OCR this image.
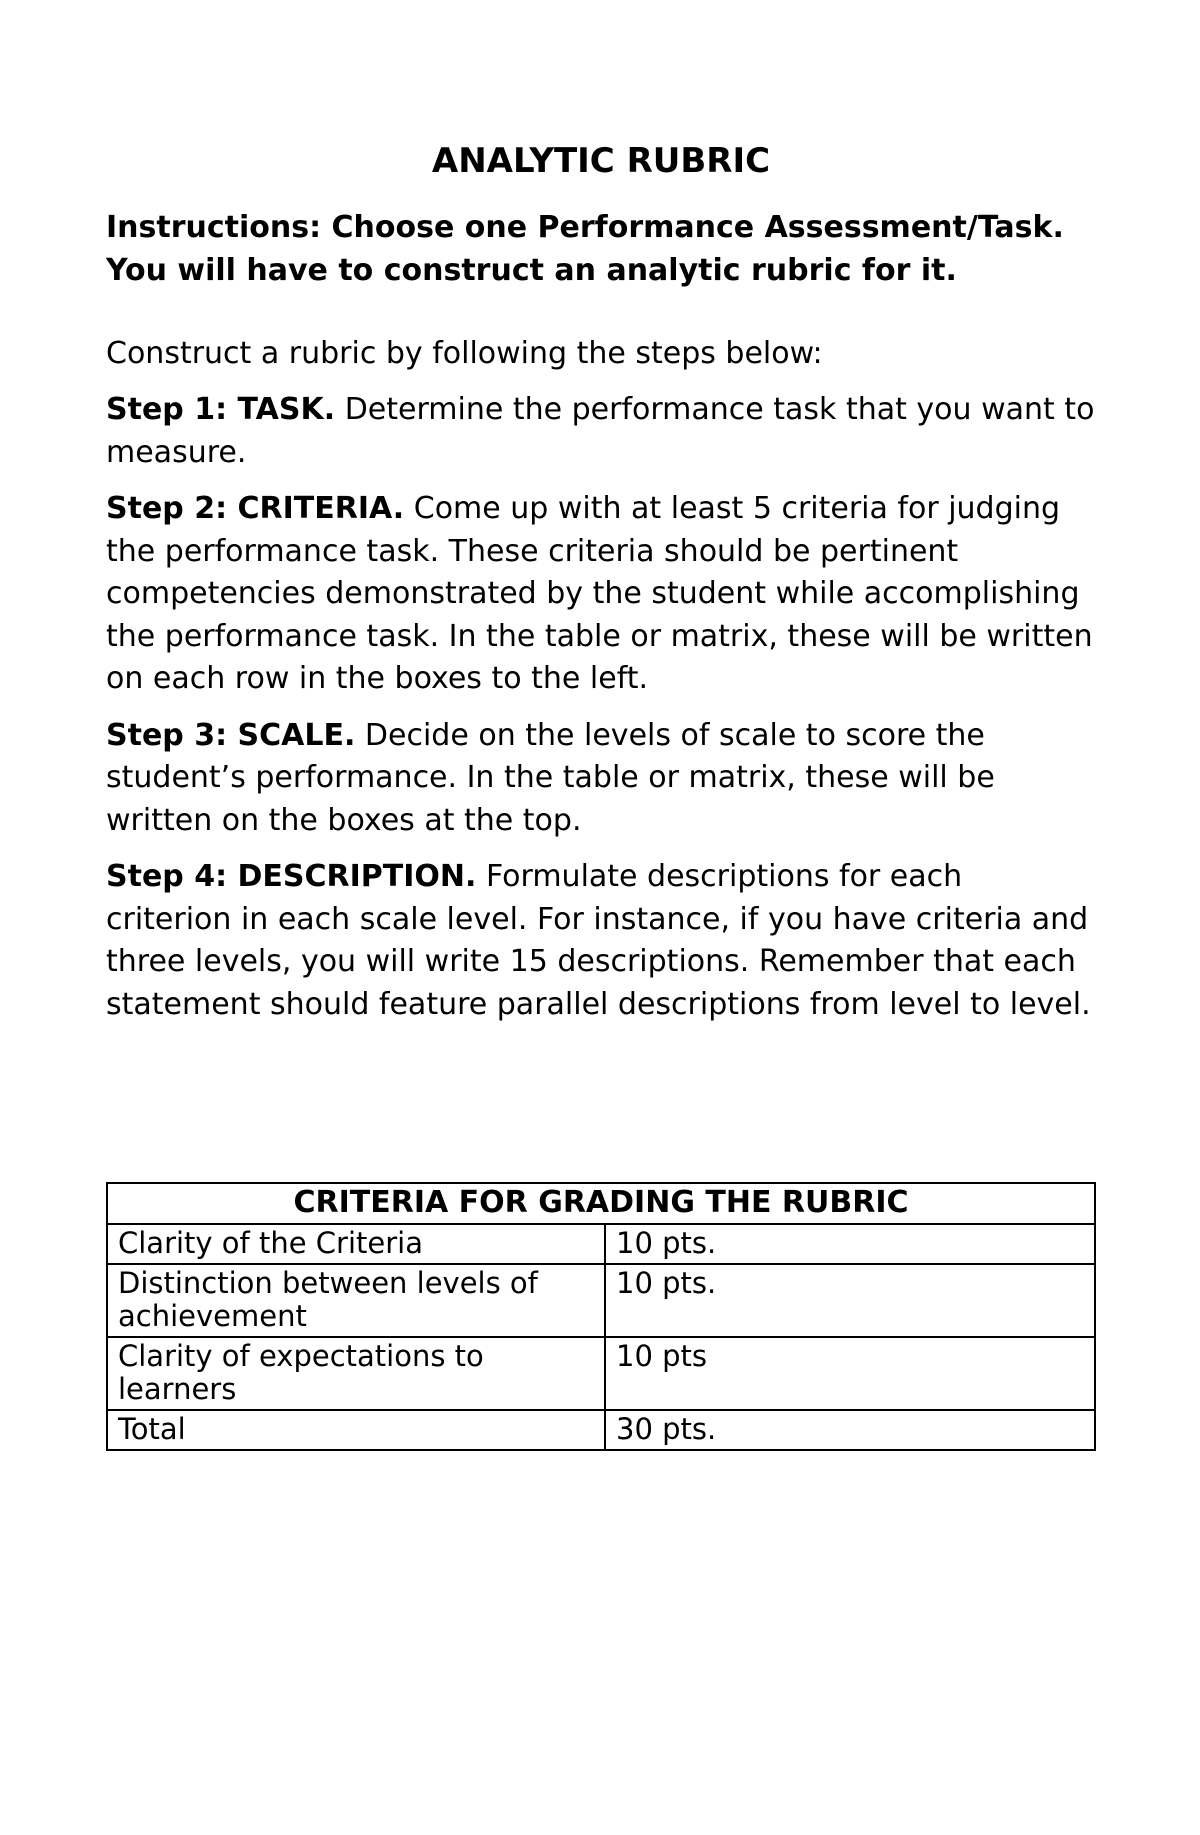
ANALYTIC RUBRIC
Instructions: Choose one Performance Assessment/Task. You will have to construct an analytic rubric for it.
Construct a rubric by following the steps below:
Step 1: TASK. Determine the performance task that you want to measure.
Step 2: CRITERIA. Come up with at least 5 criteria for judging the performance task. These criteria should be pertinent competencies demonstrated by the student while accomplishing the performance task. In the table or matrix, these will be written on each row in the boxes to the left.
Step 3: SCALE. Decide on the levels of scale to score the student’s performance. In the table or matrix, these will be written on the boxes at the top.
Step 4: DESCRIPTION. Formulate descriptions for each criterion in each scale level. For instance, if you have criteria and three levels, you will write 15 descriptions. Remember that each statement should feature parallel descriptions from level to level.
CRITERIA FOR GRADING THE RUBRIC	
Clarity of the Criteria	10 pts.
Distinction between levels of achievement	10 pts.
Clarity of expectations to learners	10 pts
Total	30 pts.
